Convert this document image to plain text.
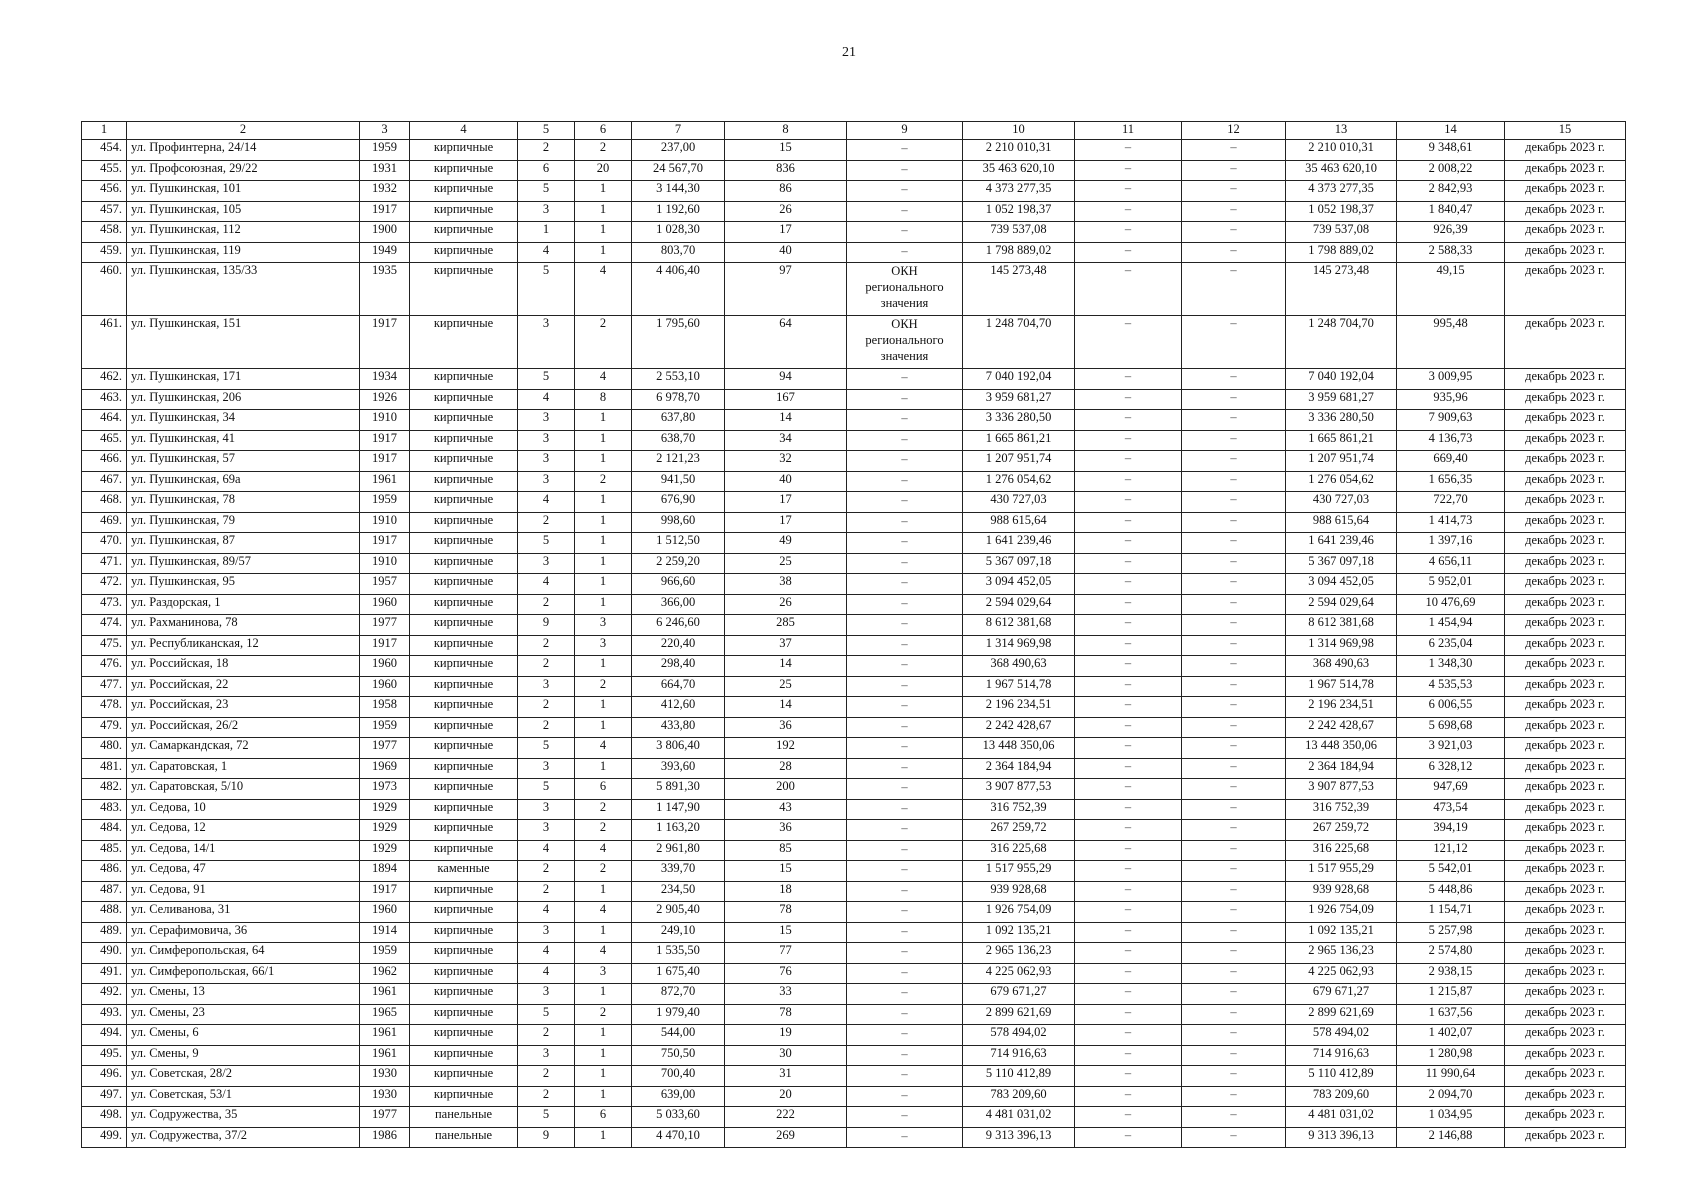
21
1	2	3	4	5	6	7	8	9	10	11	12	13	14	15
454.	ул. Профинтерна, 24/14	1959	кирпичные	2	2	237,00	15	–	2 210 010,31	–	–	2 210 010,31	9 348,61	декабрь 2023 г.
455.	ул. Профсоюзная, 29/22	1931	кирпичные	6	20	24 567,70	836	–	35 463 620,10	–	–	35 463 620,10	2 008,22	декабрь 2023 г.
456.	ул. Пушкинская, 101	1932	кирпичные	5	1	3 144,30	86	–	4 373 277,35	–	–	4 373 277,35	2 842,93	декабрь 2023 г.
457.	ул. Пушкинская, 105	1917	кирпичные	3	1	1 192,60	26	–	1 052 198,37	–	–	1 052 198,37	1 840,47	декабрь 2023 г.
458.	ул. Пушкинская, 112	1900	кирпичные	1	1	1 028,30	17	–	739 537,08	–	–	739 537,08	926,39	декабрь 2023 г.
459.	ул. Пушкинская, 119	1949	кирпичные	4	1	803,70	40	–	1 798 889,02	–	–	1 798 889,02	2 588,33	декабрь 2023 г.
460.	ул. Пушкинская, 135/33	1935	кирпичные	5	4	4 406,40	97	ОКН регионального значения	145 273,48	–	–	145 273,48	49,15	декабрь 2023 г.
461.	ул. Пушкинская, 151	1917	кирпичные	3	2	1 795,60	64	ОКН регионального значения	1 248 704,70	–	–	1 248 704,70	995,48	декабрь 2023 г.
462.	ул. Пушкинская, 171	1934	кирпичные	5	4	2 553,10	94	–	7 040 192,04	–	–	7 040 192,04	3 009,95	декабрь 2023 г.
463.	ул. Пушкинская, 206	1926	кирпичные	4	8	6 978,70	167	–	3 959 681,27	–	–	3 959 681,27	935,96	декабрь 2023 г.
464.	ул. Пушкинская, 34	1910	кирпичные	3	1	637,80	14	–	3 336 280,50	–	–	3 336 280,50	7 909,63	декабрь 2023 г.
465.	ул. Пушкинская, 41	1917	кирпичные	3	1	638,70	34	–	1 665 861,21	–	–	1 665 861,21	4 136,73	декабрь 2023 г.
466.	ул. Пушкинская, 57	1917	кирпичные	3	1	2 121,23	32	–	1 207 951,74	–	–	1 207 951,74	669,40	декабрь 2023 г.
467.	ул. Пушкинская, 69а	1961	кирпичные	3	2	941,50	40	–	1 276 054,62	–	–	1 276 054,62	1 656,35	декабрь 2023 г.
468.	ул. Пушкинская, 78	1959	кирпичные	4	1	676,90	17	–	430 727,03	–	–	430 727,03	722,70	декабрь 2023 г.
469.	ул. Пушкинская, 79	1910	кирпичные	2	1	998,60	17	–	988 615,64	–	–	988 615,64	1 414,73	декабрь 2023 г.
470.	ул. Пушкинская, 87	1917	кирпичные	5	1	1 512,50	49	–	1 641 239,46	–	–	1 641 239,46	1 397,16	декабрь 2023 г.
471.	ул. Пушкинская, 89/57	1910	кирпичные	3	1	2 259,20	25	–	5 367 097,18	–	–	5 367 097,18	4 656,11	декабрь 2023 г.
472.	ул. Пушкинская, 95	1957	кирпичные	4	1	966,60	38	–	3 094 452,05	–	–	3 094 452,05	5 952,01	декабрь 2023 г.
473.	ул. Раздорская, 1	1960	кирпичные	2	1	366,00	26	–	2 594 029,64	–	–	2 594 029,64	10 476,69	декабрь 2023 г.
474.	ул. Рахманинова, 78	1977	кирпичные	9	3	6 246,60	285	–	8 612 381,68	–	–	8 612 381,68	1 454,94	декабрь 2023 г.
475.	ул. Республиканская, 12	1917	кирпичные	2	3	220,40	37	–	1 314 969,98	–	–	1 314 969,98	6 235,04	декабрь 2023 г.
476.	ул. Российская, 18	1960	кирпичные	2	1	298,40	14	–	368 490,63	–	–	368 490,63	1 348,30	декабрь 2023 г.
477.	ул. Российская, 22	1960	кирпичные	3	2	664,70	25	–	1 967 514,78	–	–	1 967 514,78	4 535,53	декабрь 2023 г.
478.	ул. Российская, 23	1958	кирпичные	2	1	412,60	14	–	2 196 234,51	–	–	2 196 234,51	6 006,55	декабрь 2023 г.
479.	ул. Российская, 26/2	1959	кирпичные	2	1	433,80	36	–	2 242 428,67	–	–	2 242 428,67	5 698,68	декабрь 2023 г.
480.	ул. Самаркандская, 72	1977	кирпичные	5	4	3 806,40	192	–	13 448 350,06	–	–	13 448 350,06	3 921,03	декабрь 2023 г.
481.	ул. Саратовская, 1	1969	кирпичные	3	1	393,60	28	–	2 364 184,94	–	–	2 364 184,94	6 328,12	декабрь 2023 г.
482.	ул. Саратовская, 5/10	1973	кирпичные	5	6	5 891,30	200	–	3 907 877,53	–	–	3 907 877,53	947,69	декабрь 2023 г.
483.	ул. Седова, 10	1929	кирпичные	3	2	1 147,90	43	–	316 752,39	–	–	316 752,39	473,54	декабрь 2023 г.
484.	ул. Седова, 12	1929	кирпичные	3	2	1 163,20	36	–	267 259,72	–	–	267 259,72	394,19	декабрь 2023 г.
485.	ул. Седова, 14/1	1929	кирпичные	4	4	2 961,80	85	–	316 225,68	–	–	316 225,68	121,12	декабрь 2023 г.
486.	ул. Седова, 47	1894	каменные	2	2	339,70	15	–	1 517 955,29	–	–	1 517 955,29	5 542,01	декабрь 2023 г.
487.	ул. Седова, 91	1917	кирпичные	2	1	234,50	18	–	939 928,68	–	–	939 928,68	5 448,86	декабрь 2023 г.
488.	ул. Селиванова, 31	1960	кирпичные	4	4	2 905,40	78	–	1 926 754,09	–	–	1 926 754,09	1 154,71	декабрь 2023 г.
489.	ул. Серафимовича, 36	1914	кирпичные	3	1	249,10	15	–	1 092 135,21	–	–	1 092 135,21	5 257,98	декабрь 2023 г.
490.	ул. Симферопольская, 64	1959	кирпичные	4	4	1 535,50	77	–	2 965 136,23	–	–	2 965 136,23	2 574,80	декабрь 2023 г.
491.	ул. Симферопольская, 66/1	1962	кирпичные	4	3	1 675,40	76	–	4 225 062,93	–	–	4 225 062,93	2 938,15	декабрь 2023 г.
492.	ул. Смены, 13	1961	кирпичные	3	1	872,70	33	–	679 671,27	–	–	679 671,27	1 215,87	декабрь 2023 г.
493.	ул. Смены, 23	1965	кирпичные	5	2	1 979,40	78	–	2 899 621,69	–	–	2 899 621,69	1 637,56	декабрь 2023 г.
494.	ул. Смены, 6	1961	кирпичные	2	1	544,00	19	–	578 494,02	–	–	578 494,02	1 402,07	декабрь 2023 г.
495.	ул. Смены, 9	1961	кирпичные	3	1	750,50	30	–	714 916,63	–	–	714 916,63	1 280,98	декабрь 2023 г.
496.	ул. Советская, 28/2	1930	кирпичные	2	1	700,40	31	–	5 110 412,89	–	–	5 110 412,89	11 990,64	декабрь 2023 г.
497.	ул. Советская, 53/1	1930	кирпичные	2	1	639,00	20	–	783 209,60	–	–	783 209,60	2 094,70	декабрь 2023 г.
498.	ул. Содружества, 35	1977	панельные	5	6	5 033,60	222	–	4 481 031,02	–	–	4 481 031,02	1 034,95	декабрь 2023 г.
499.	ул. Содружества, 37/2	1986	панельные	9	1	4 470,10	269	–	9 313 396,13	–	–	9 313 396,13	2 146,88	декабрь 2023 г.
